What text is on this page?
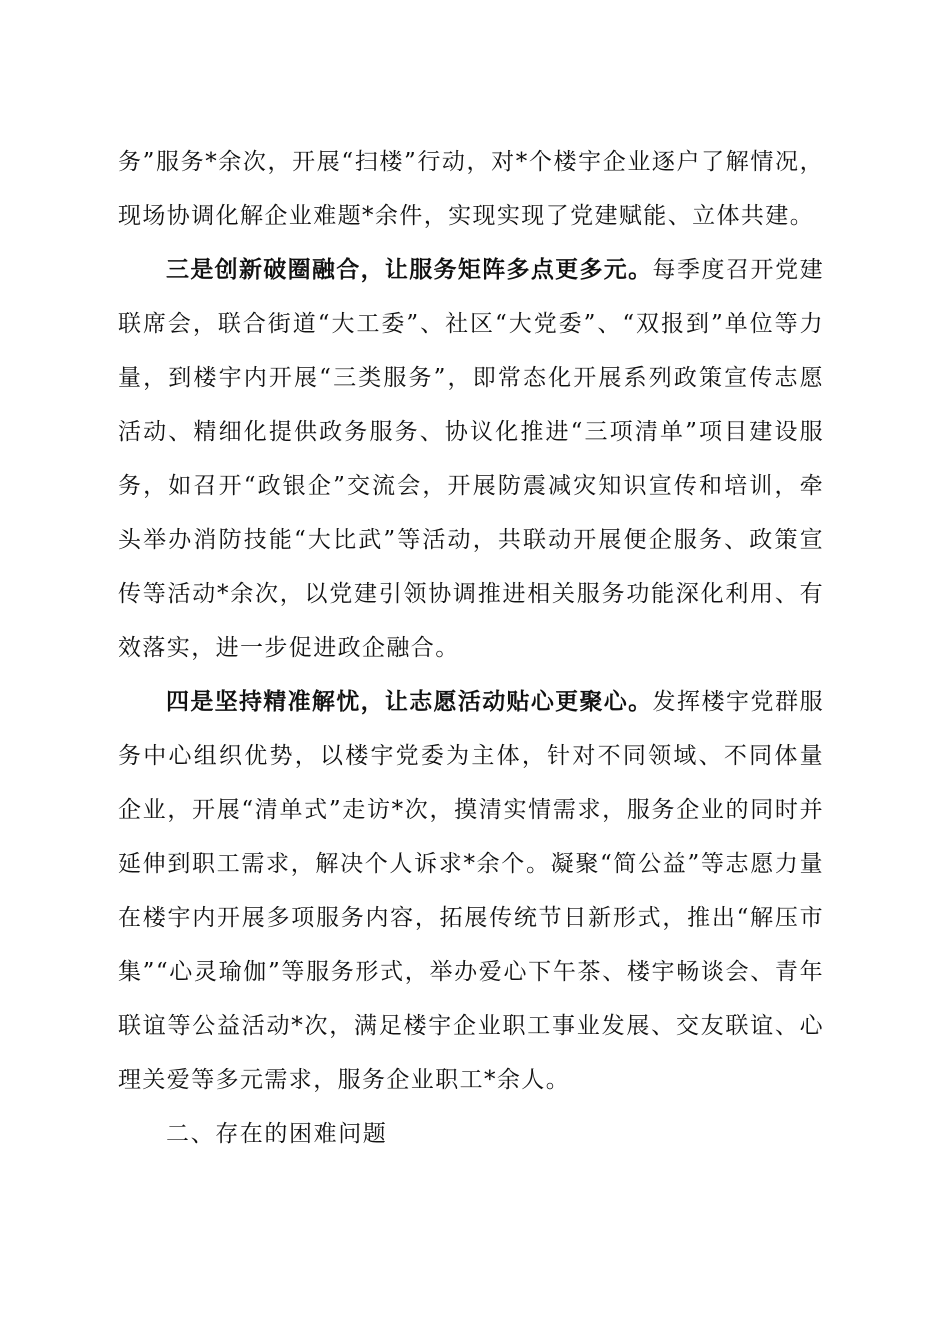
务”服务*余次，开展“扫楼”行动，对*个楼宇企业逐户了解情况，现场协调化解企业难题*余件，实现实现了党建赋能、立体共建。

三是创新破圈融合，让服务矩阵多点更多元。每季度召开党建联席会，联合街道“大工委”、社区“大党委”、“双报到”单位等力量，到楼宇内开展“三类服务”，即常态化开展系列政策宣传志愿活动、精细化提供政务服务、协议化推进“三项清单”项目建设服务，如召开“政银企”交流会，开展防震减灾知识宣传和培训，牵头举办消防技能“大比武”等活动，共联动开展便企服务、政策宣传等活动*余次，以党建引领协调推进相关服务功能深化利用、有效落实，进一步促进政企融合。

四是坚持精准解忧，让志愿活动贴心更聚心。发挥楼宇党群服务中心组织优势，以楼宇党委为主体，针对不同领域、不同体量企业，开展“清单式”走访*次，摸清实情需求，服务企业的同时并延伸到职工需求，解决个人诉求*余个。凝聚“简公益”等志愿力量在楼宇内开展多项服务内容，拓展传统节日新形式，推出“解压市集”“心灵瑜伽”等服务形式，举办爱心下午茶、楼宇畅谈会、青年联谊等公益活动*次，满足楼宇企业职工事业发展、交友联谊、心理关爱等多元需求，服务企业职工*余人。

二、存在的困难问题
